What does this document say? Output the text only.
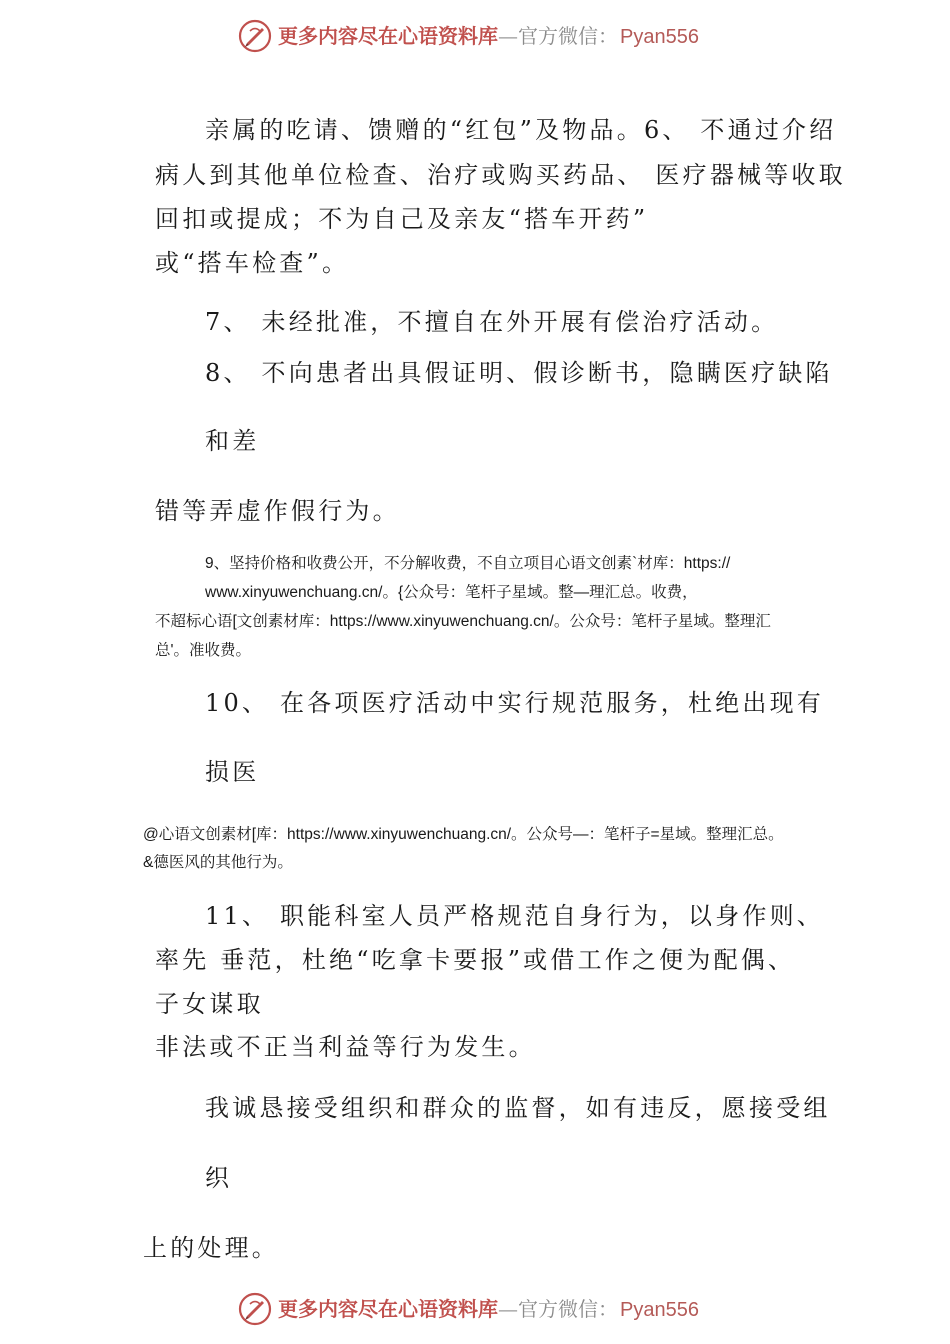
更多内容尽在心语资料库—官方微信： Pyan556
亲属的吃请、馈赠的“红包”及物品。6、 不通过介绍
病人到其他单位检查、治疗或购买药品、 医疗器械等收取
回扣或提成；不为自己及亲友“搭车开药”
或“搭车检查”。
7、 未经批准，不擅自在外开展有偿治疗活动。
8、 不向患者出具假证明、假诊断书，隐瞒医疗缺陷
和差
错等弄虚作假行为。
9、坚持价格和收费公开，不分解收费，不自立项目心语文创素`材库：https://
www.xinyuwenchuang.cn/。{公众号：笔杆子星域。整—理汇总。收费，
不超标心语[文创素材库：https://www.xinyuwenchuang.cn/。公众号：笔杆子星域。整理汇
总'。准收费。
10、 在各项医疗活动中实行规范服务，杜绝出现有
损医
@心语文创素材[库：https://www.xinyuwenchuang.cn/。公众号—：笔杆子=星域。整理汇总。
&德医风的其他行为。
11、 职能科室人员严格规范自身行为，以身作则、
率先 垂范，杜绝“吃拿卡要报”或借工作之便为配偶、
子女谋取
非法或不正当利益等行为发生。
我诚恳接受组织和群众的监督，如有违反，愿接受组
织
上的处理。
更多内容尽在心语资料库—官方微信： Pyan556
